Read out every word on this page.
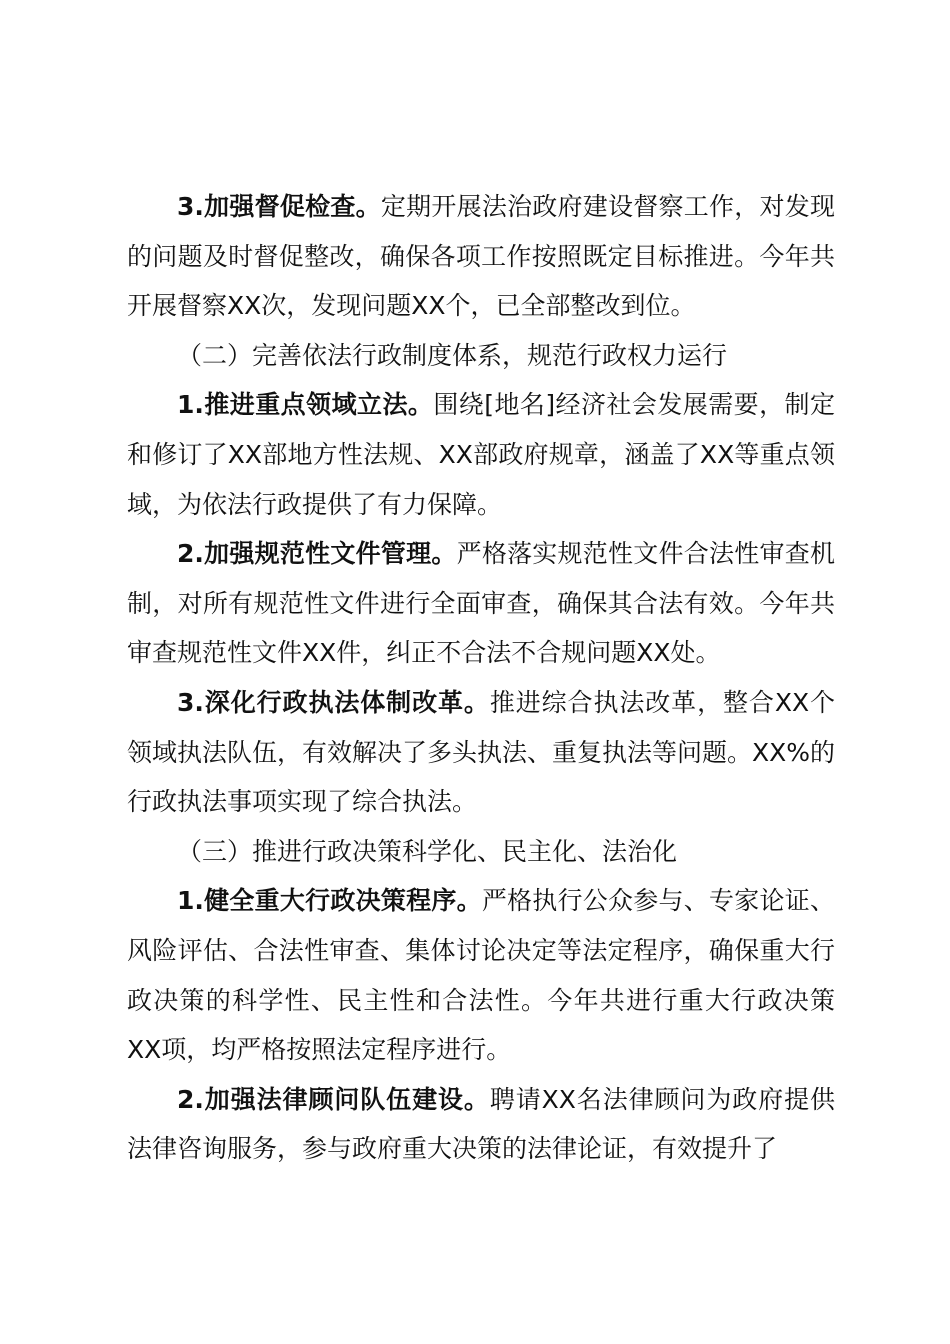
3.加强督促检查。定期开展法治政府建设督察工作，对发现的问题及时督促整改，确保各项工作按照既定目标推进。今年共开展督察XX次，发现问题XX个，已全部整改到位。

（二）完善依法行政制度体系，规范行政权力运行

1.推进重点领域立法。围绕[地名]经济社会发展需要，制定和修订了XX部地方性法规、XX部政府规章，涵盖了XX等重点领域，为依法行政提供了有力保障。

2.加强规范性文件管理。严格落实规范性文件合法性审查机制，对所有规范性文件进行全面审查，确保其合法有效。今年共审查规范性文件XX件，纠正不合法不合规问题XX处。

3.深化行政执法体制改革。推进综合执法改革，整合XX个领域执法队伍，有效解决了多头执法、重复执法等问题。XX%的行政执法事项实现了综合执法。

（三）推进行政决策科学化、民主化、法治化

1.健全重大行政决策程序。严格执行公众参与、专家论证、风险评估、合法性审查、集体讨论决定等法定程序，确保重大行政决策的科学性、民主性和合法性。今年共进行重大行政决策XX项，均严格按照法定程序进行。

2.加强法律顾问队伍建设。聘请XX名法律顾问为政府提供法律咨询服务，参与政府重大决策的法律论证，有效提升了
